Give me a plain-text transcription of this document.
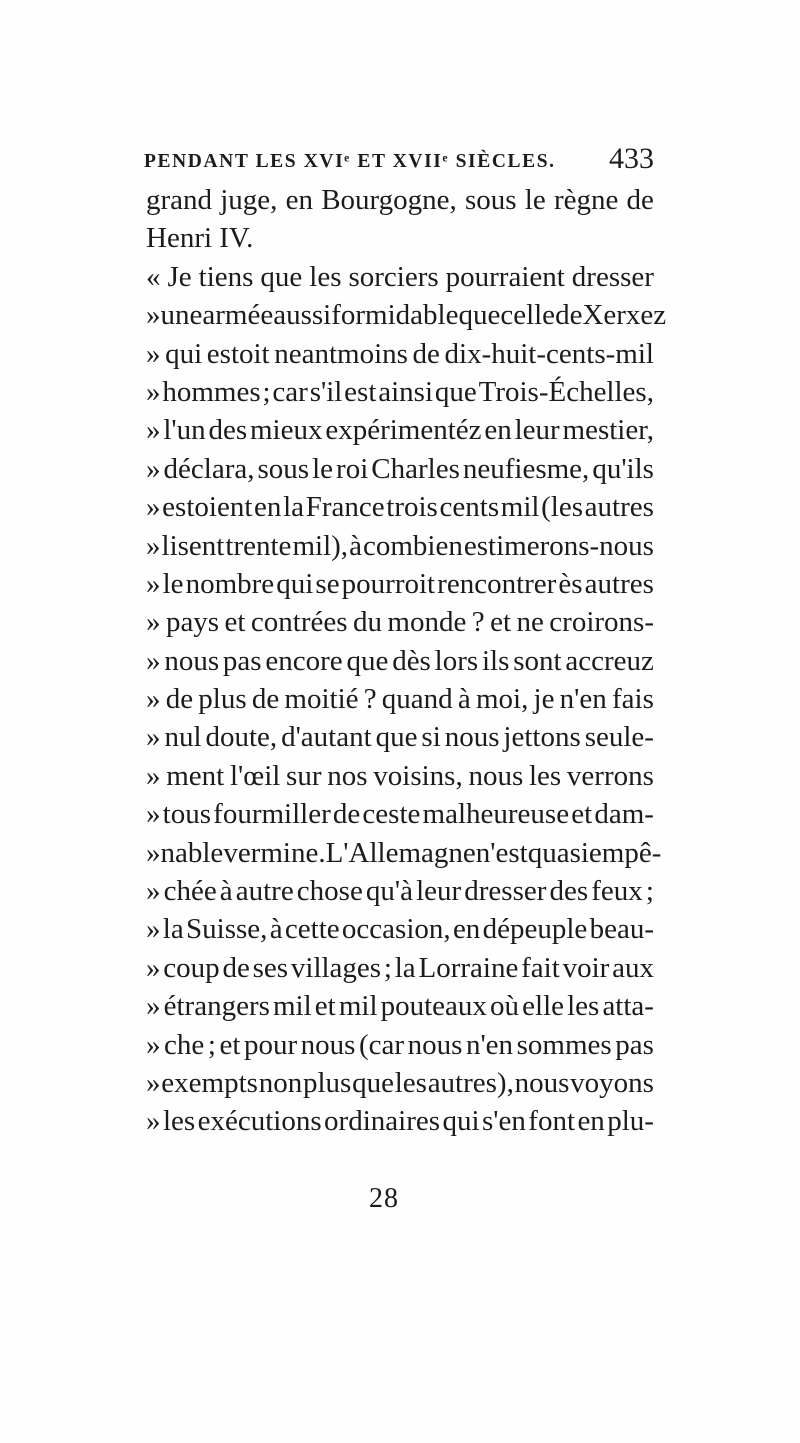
PENDANT LES XVIᵉ ET XVIIᵉ SIÈCLES. 433
grand juge, en Bourgogne, sous le règne de
Henri IV.
« Je tiens que les sorciers pourraient dresser
» une armée aussi formidable que celle de Xerxez
» qui estoit neantmoins de dix-huit-cents-mil
» hommes ; car s'il est ainsi que Trois-Échelles,
» l'un des mieux expérimentéz en leur mestier,
» déclara, sous le roi Charles neufiesme, qu'ils
» estoient en la France trois cents mil (les autres
» lisent trente mil), à combien estimerons-nous
» le nombre qui se pourroit rencontrer ès autres
» pays et contrées du monde ? et ne croirons-
» nous pas encore que dès lors ils sont accreuz
» de plus de moitié ? quand à moi, je n'en fais
» nul doute, d'autant que si nous jettons seule-
» ment l'œil sur nos voisins, nous les verrons
» tous fourmiller de ceste malheureuse et dam-
» nable vermine. L'Allemagne n'est quasi empê-
» chée à autre chose qu'à leur dresser des feux ;
» la Suisse, à cette occasion, en dépeuple beau-
» coup de ses villages ; la Lorraine fait voir aux
» étrangers mil et mil pouteaux où elle les atta-
» che ; et pour nous (car nous n'en sommes pas
» exempts non plus que les autres), nous voyons
» les exécutions ordinaires qui s'en font en plu-
28
